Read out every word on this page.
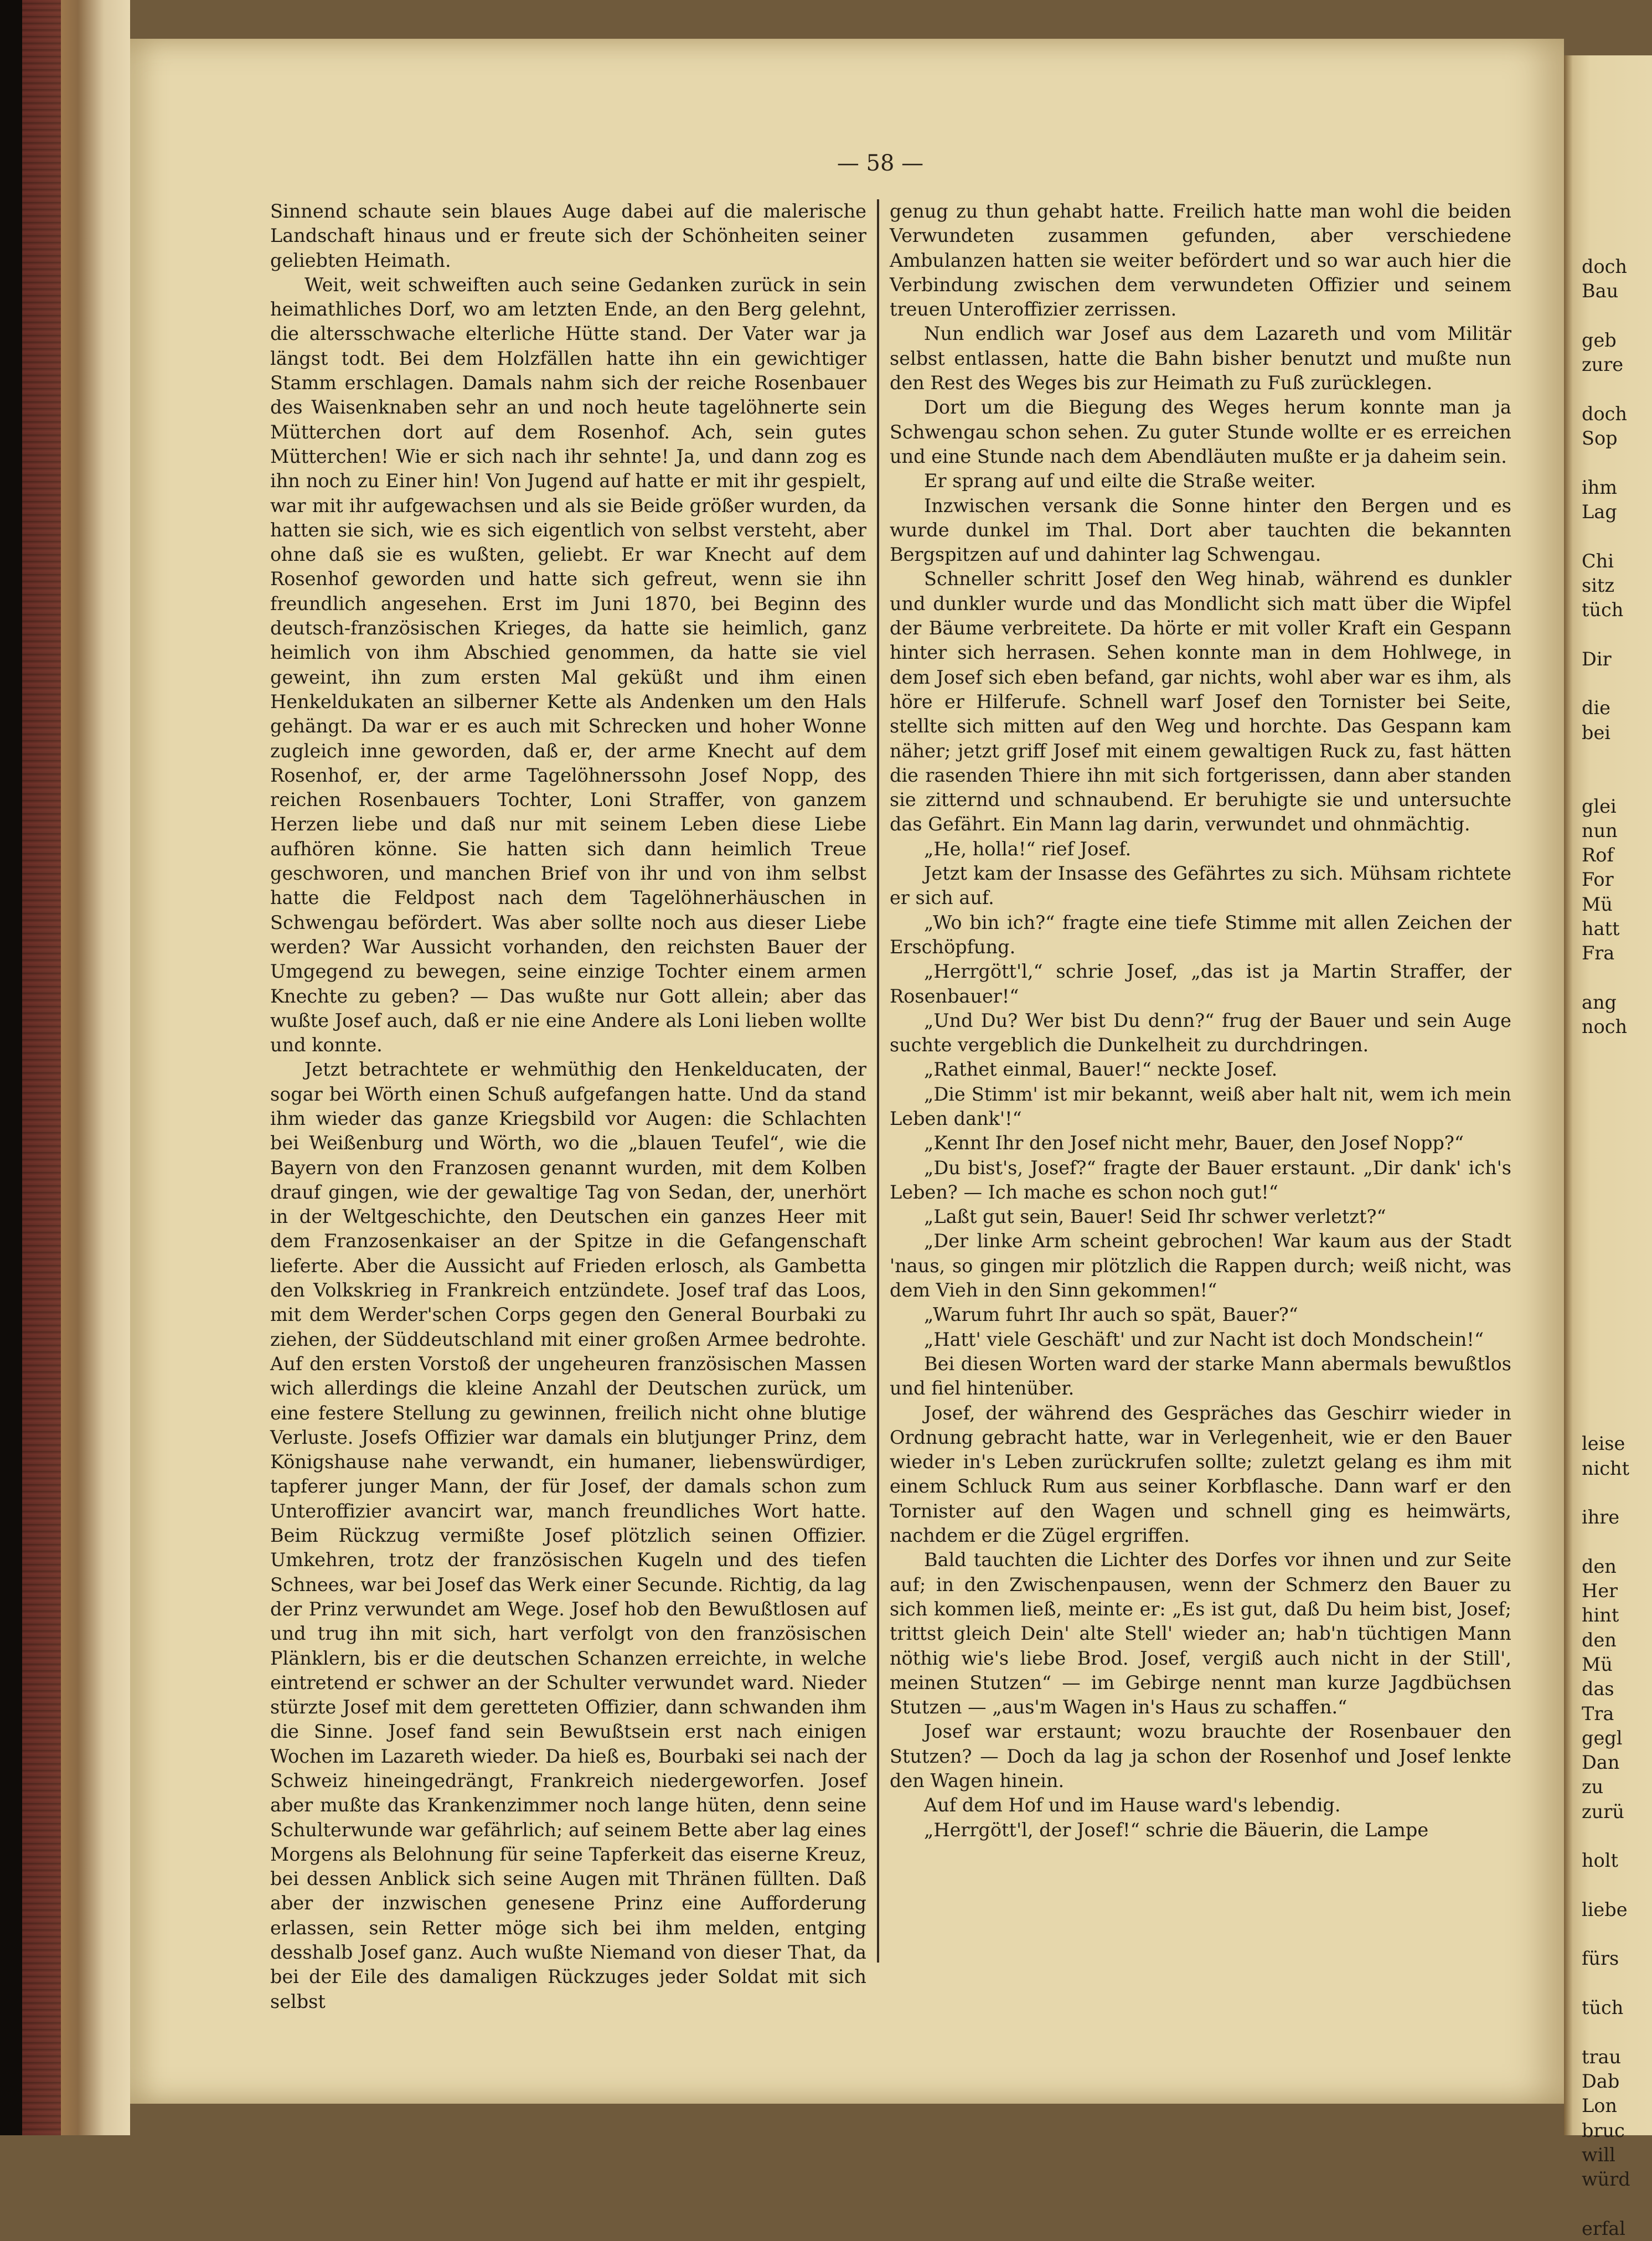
doch
Bau
geb
zure
doch
Sop
ihm
Lag
Chi
sitz
tüch
Dir
die
bei
glei
nun
Rof
For
Mü
hatt
Fra
ang
noch
leise
nicht
ihre
den
Her
hint
den
Mü
das
Tra
gegl
Dan
zu
zurü
holt
liebe
fürs
tüch
trau
Dab
Lon
bruc
will
würd
erfal
— 58 —

Sinnend schaute sein blaues Auge dabei auf die malerische Landschaft hinaus und er freute sich der Schönheiten seiner geliebten Heimath.

Weit, weit schweiften auch seine Gedanken zurück in sein heimathliches Dorf, wo am letzten Ende, an den Berg gelehnt, die altersschwache elterliche Hütte stand. Der Vater war ja längst todt. Bei dem Holzfällen hatte ihn ein gewichtiger Stamm erschlagen. Damals nahm sich der reiche Rosenbauer des Waisenknaben sehr an und noch heute tagelöhnerte sein Mütterchen dort auf dem Rosenhof. Ach, sein gutes Mütterchen! Wie er sich nach ihr sehnte! Ja, und dann zog es ihn noch zu Einer hin! Von Jugend auf hatte er mit ihr gespielt, war mit ihr aufgewachsen und als sie Beide größer wurden, da hatten sie sich, wie es sich eigentlich von selbst versteht, aber ohne daß sie es wußten, geliebt. Er war Knecht auf dem Rosenhof geworden und hatte sich gefreut, wenn sie ihn freundlich angesehen. Erst im Juni 1870, bei Beginn des deutsch-französischen Krieges, da hatte sie heimlich, ganz heimlich von ihm Abschied genommen, da hatte sie viel geweint, ihn zum ersten Mal geküßt und ihm einen Henkeldukaten an silberner Kette als Andenken um den Hals gehängt. Da war er es auch mit Schrecken und hoher Wonne zugleich inne geworden, daß er, der arme Knecht auf dem Rosenhof, er, der arme Tagelöhnerssohn Josef Nopp, des reichen Rosenbauers Tochter, Loni Straffer, von ganzem Herzen liebe und daß nur mit seinem Leben diese Liebe aufhören könne. Sie hatten sich dann heimlich Treue geschworen, und manchen Brief von ihr und von ihm selbst hatte die Feldpost nach dem Tagelöhnerhäuschen in Schwengau befördert. Was aber sollte noch aus dieser Liebe werden? War Aussicht vorhanden, den reichsten Bauer der Umgegend zu bewegen, seine einzige Tochter einem armen Knechte zu geben? — Das wußte nur Gott allein; aber das wußte Josef auch, daß er nie eine Andere als Loni lieben wollte und konnte.

Jetzt betrachtete er wehmüthig den Henkelducaten, der sogar bei Wörth einen Schuß aufgefangen hatte. Und da stand ihm wieder das ganze Kriegsbild vor Augen: die Schlachten bei Weißenburg und Wörth, wo die „blauen Teufel“, wie die Bayern von den Franzosen genannt wurden, mit dem Kolben drauf gingen, wie der gewaltige Tag von Sedan, der, unerhört in der Weltgeschichte, den Deutschen ein ganzes Heer mit dem Franzosenkaiser an der Spitze in die Gefangenschaft lieferte. Aber die Aussicht auf Frieden erlosch, als Gambetta den Volkskrieg in Frankreich entzündete. Josef traf das Loos, mit dem Werder'schen Corps gegen den General Bourbaki zu ziehen, der Süddeutschland mit einer großen Armee bedrohte. Auf den ersten Vorstoß der ungeheuren französischen Massen wich allerdings die kleine Anzahl der Deutschen zurück, um eine festere Stellung zu gewinnen, freilich nicht ohne blutige Verluste. Josefs Offizier war damals ein blutjunger Prinz, dem Königshause nahe verwandt, ein humaner, liebenswürdiger, tapferer junger Mann, der für Josef, der damals schon zum Unteroffizier avancirt war, manch freundliches Wort hatte. Beim Rückzug vermißte Josef plötzlich seinen Offizier. Umkehren, trotz der französischen Kugeln und des tiefen Schnees, war bei Josef das Werk einer Secunde. Richtig, da lag der Prinz verwundet am Wege. Josef hob den Bewußtlosen auf und trug ihn mit sich, hart verfolgt von den französischen Plänklern, bis er die deutschen Schanzen erreichte, in welche eintretend er schwer an der Schulter verwundet ward. Nieder stürzte Josef mit dem geretteten Offizier, dann schwanden ihm die Sinne. Josef fand sein Bewußtsein erst nach einigen Wochen im Lazareth wieder. Da hieß es, Bourbaki sei nach der Schweiz hineingedrängt, Frankreich niedergeworfen. Josef aber mußte das Krankenzimmer noch lange hüten, denn seine Schulterwunde war gefährlich; auf seinem Bette aber lag eines Morgens als Belohnung für seine Tapferkeit das eiserne Kreuz, bei dessen Anblick sich seine Augen mit Thränen füllten. Daß aber der inzwischen genesene Prinz eine Aufforderung erlassen, sein Retter möge sich bei ihm melden, entging desshalb Josef ganz. Auch wußte Niemand von dieser That, da bei der Eile des damaligen Rückzuges jeder Soldat mit sich selbst

genug zu thun gehabt hatte. Freilich hatte man wohl die beiden Verwundeten zusammen gefunden, aber verschiedene Ambulanzen hatten sie weiter befördert und so war auch hier die Verbindung zwischen dem verwundeten Offizier und seinem treuen Unteroffizier zerrissen.

Nun endlich war Josef aus dem Lazareth und vom Militär selbst entlassen, hatte die Bahn bisher benutzt und mußte nun den Rest des Weges bis zur Heimath zu Fuß zurücklegen.

Dort um die Biegung des Weges herum konnte man ja Schwengau schon sehen. Zu guter Stunde wollte er es erreichen und eine Stunde nach dem Abendläuten mußte er ja daheim sein.

Er sprang auf und eilte die Straße weiter.

Inzwischen versank die Sonne hinter den Bergen und es wurde dunkel im Thal. Dort aber tauchten die bekannten Bergspitzen auf und dahinter lag Schwengau.

Schneller schritt Josef den Weg hinab, während es dunkler und dunkler wurde und das Mondlicht sich matt über die Wipfel der Bäume verbreitete. Da hörte er mit voller Kraft ein Gespann hinter sich herrasen. Sehen konnte man in dem Hohlwege, in dem Josef sich eben befand, gar nichts, wohl aber war es ihm, als höre er Hilferufe. Schnell warf Josef den Tornister bei Seite, stellte sich mitten auf den Weg und horchte. Das Gespann kam näher; jetzt griff Josef mit einem gewaltigen Ruck zu, fast hätten die rasenden Thiere ihn mit sich fortgerissen, dann aber standen sie zitternd und schnaubend. Er beruhigte sie und untersuchte das Gefährt. Ein Mann lag darin, verwundet und ohnmächtig.

„He, holla!“ rief Josef.

Jetzt kam der Insasse des Gefährtes zu sich. Mühsam richtete er sich auf.

„Wo bin ich?“ fragte eine tiefe Stimme mit allen Zeichen der Erschöpfung.

„Herrgött'l,“ schrie Josef, „das ist ja Martin Straffer, der Rosenbauer!“

„Und Du? Wer bist Du denn?“ frug der Bauer und sein Auge suchte vergeblich die Dunkelheit zu durchdringen.

„Rathet einmal, Bauer!“ neckte Josef.

„Die Stimm' ist mir bekannt, weiß aber halt nit, wem ich mein Leben dank'!“

„Kennt Ihr den Josef nicht mehr, Bauer, den Josef Nopp?“

„Du bist's, Josef?“ fragte der Bauer erstaunt. „Dir dank' ich's Leben? — Ich mache es schon noch gut!“

„Laßt gut sein, Bauer! Seid Ihr schwer verletzt?“

„Der linke Arm scheint gebrochen! War kaum aus der Stadt 'naus, so gingen mir plötzlich die Rappen durch; weiß nicht, was dem Vieh in den Sinn gekommen!“

„Warum fuhrt Ihr auch so spät, Bauer?“

„Hatt' viele Geschäft' und zur Nacht ist doch Mondschein!“

Bei diesen Worten ward der starke Mann abermals bewußtlos und fiel hintenüber.

Josef, der während des Gespräches das Geschirr wieder in Ordnung gebracht hatte, war in Verlegenheit, wie er den Bauer wieder in's Leben zurückrufen sollte; zuletzt gelang es ihm mit einem Schluck Rum aus seiner Korbflasche. Dann warf er den Tornister auf den Wagen und schnell ging es heimwärts, nachdem er die Zügel ergriffen.

Bald tauchten die Lichter des Dorfes vor ihnen und zur Seite auf; in den Zwischenpausen, wenn der Schmerz den Bauer zu sich kommen ließ, meinte er: „Es ist gut, daß Du heim bist, Josef; trittst gleich Dein' alte Stell' wieder an; hab'n tüchtigen Mann nöthig wie's liebe Brod. Josef, vergiß auch nicht in der Still', meinen Stutzen“ — im Gebirge nennt man kurze Jagdbüchsen Stutzen — „aus'm Wagen in's Haus zu schaffen.“

Josef war erstaunt; wozu brauchte der Rosenbauer den Stutzen? — Doch da lag ja schon der Rosenhof und Josef lenkte den Wagen hinein.

Auf dem Hof und im Hause ward's lebendig.

„Herrgött'l, der Josef!“ schrie die Bäuerin, die Lampe
